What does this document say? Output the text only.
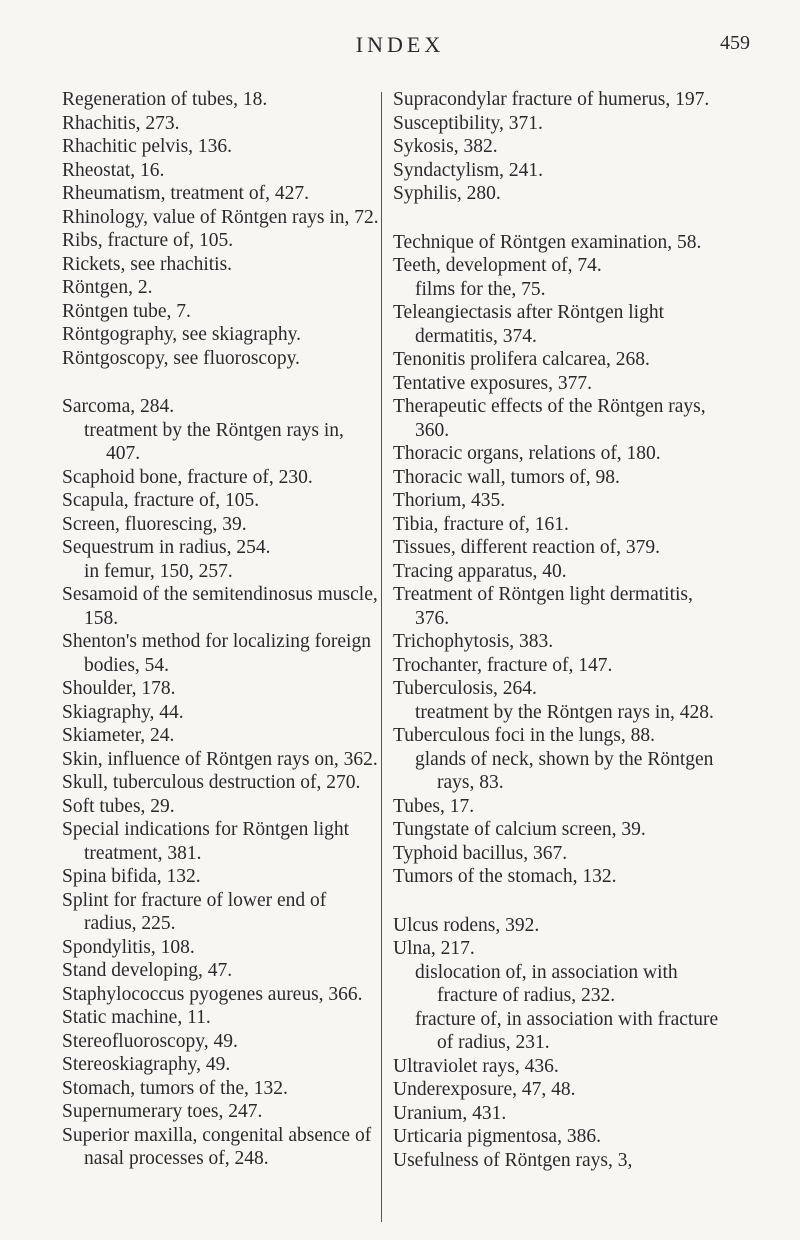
INDEX	459
Regeneration of tubes, 18.
Rhachitis, 273.
Rhachitic pelvis, 136.
Rheostat, 16.
Rheumatism, treatment of, 427.
Rhinology, value of Röntgen rays in, 72.
Ribs, fracture of, 105.
Rickets, see rhachitis.
Röntgen, 2.
Röntgen tube, 7.
Röntgography, see skiagraphy.
Röntgoscopy, see fluoroscopy.
Sarcoma, 284.
treatment by the Röntgen rays in, 407.
Scaphoid bone, fracture of, 230.
Scapula, fracture of, 105.
Screen, fluorescing, 39.
Sequestrum in radius, 254.
in femur, 150, 257.
Sesamoid of the semitendinosus muscle, 158.
Shenton's method for localizing foreign bodies, 54.
Shoulder, 178.
Skiagraphy, 44.
Skiameter, 24.
Skin, influence of Röntgen rays on, 362.
Skull, tuberculous destruction of, 270.
Soft tubes, 29.
Special indications for Röntgen light treatment, 381.
Spina bifida, 132.
Splint for fracture of lower end of radius, 225.
Spondylitis, 108.
Stand developing, 47.
Staphylococcus pyogenes aureus, 366.
Static machine, 11.
Stereofluoroscopy, 49.
Stereoskiagraphy, 49.
Stomach, tumors of the, 132.
Supernumerary toes, 247.
Superior maxilla, congenital absence of nasal processes of, 248.
Supracondylar fracture of humerus, 197.
Susceptibility, 371.
Sykosis, 382.
Syndactylism, 241.
Syphilis, 280.
Technique of Röntgen examination, 58.
Teeth, development of, 74.
films for the, 75.
Teleangiectasis after Röntgen light dermatitis, 374.
Tenonitis prolifera calcarea, 268.
Tentative exposures, 377.
Therapeutic effects of the Röntgen rays, 360.
Thoracic organs, relations of, 180.
Thoracic wall, tumors of, 98.
Thorium, 435.
Tibia, fracture of, 161.
Tissues, different reaction of, 379.
Tracing apparatus, 40.
Treatment of Röntgen light dermatitis, 376.
Trichophytosis, 383.
Trochanter, fracture of, 147.
Tuberculosis, 264.
treatment by the Röntgen rays in, 428.
Tuberculous foci in the lungs, 88.
glands of neck, shown by the Röntgen rays, 83.
Tubes, 17.
Tungstate of calcium screen, 39.
Typhoid bacillus, 367.
Tumors of the stomach, 132.
Ulcus rodens, 392.
Ulna, 217.
dislocation of, in association with fracture of radius, 232.
fracture of, in association with fracture of radius, 231.
Ultraviolet rays, 436.
Underexposure, 47, 48.
Uranium, 431.
Urticaria pigmentosa, 386.
Usefulness of Röntgen rays, 3,
